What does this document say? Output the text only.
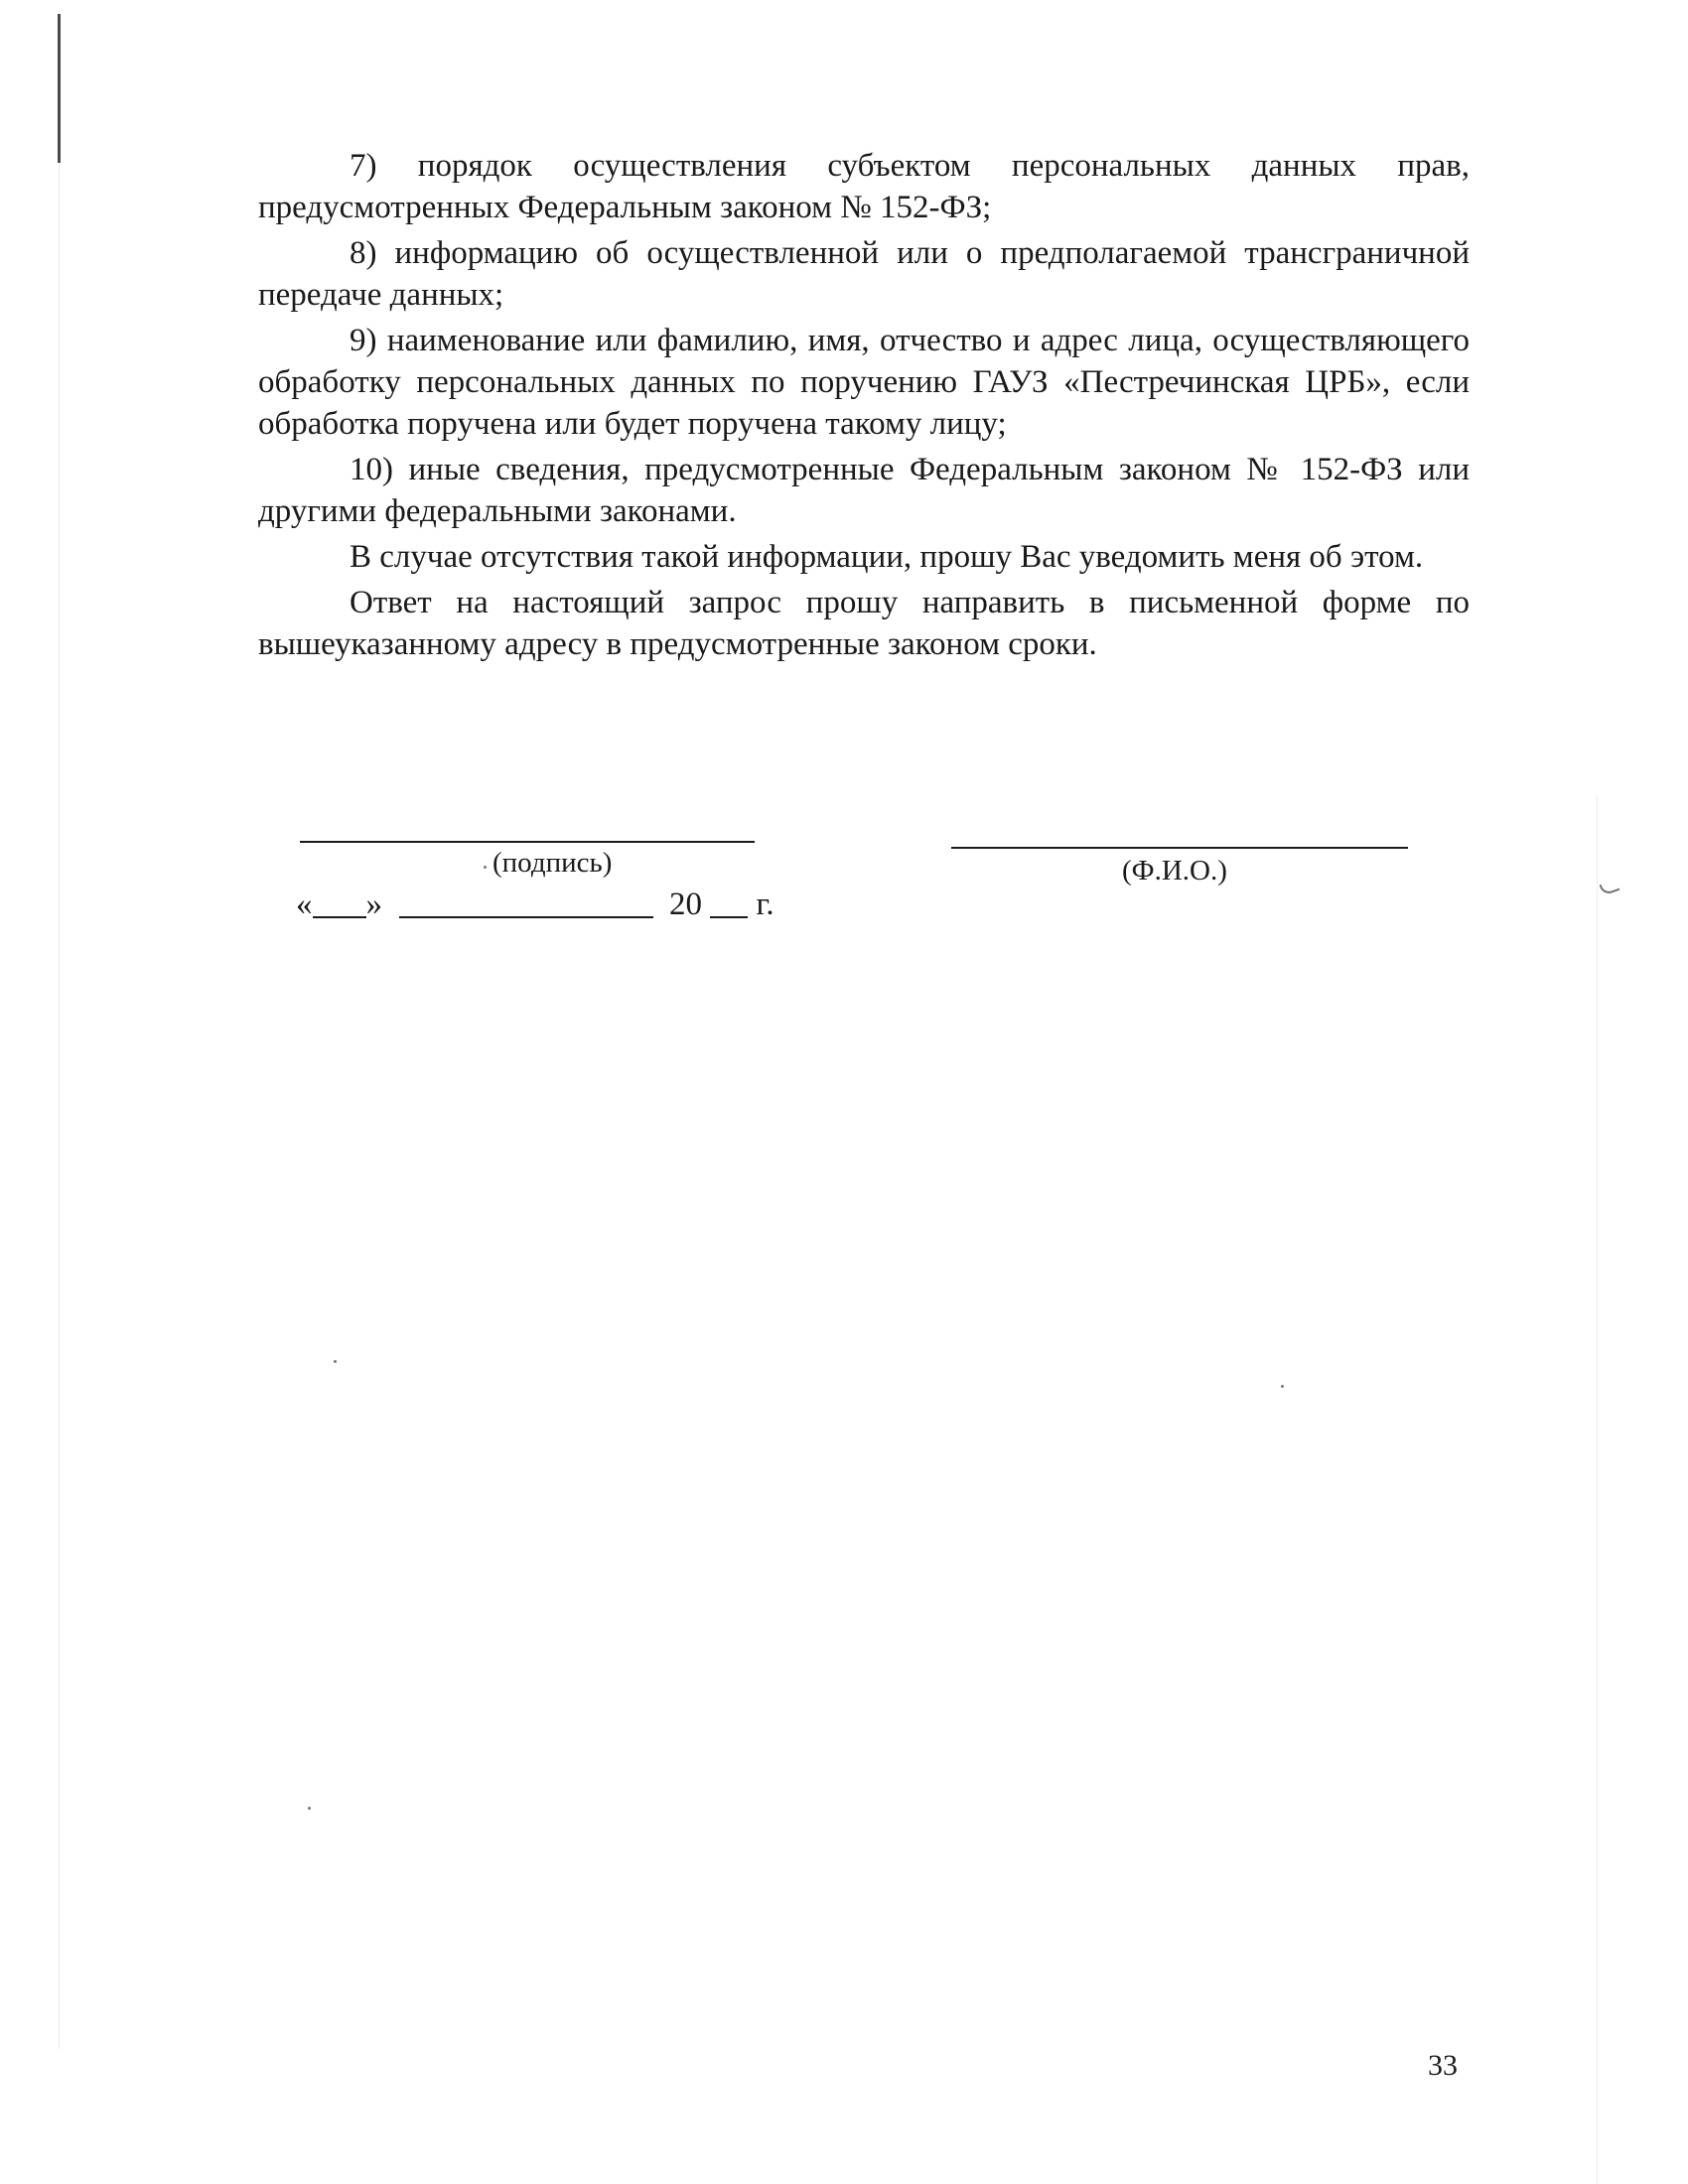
7) порядок осуществления субъектом персональных данных прав, предусмотренных Федеральным законом № 152-ФЗ;

8) информацию об осуществленной или о предполагаемой трансграничной передаче данных;

9) наименование или фамилию, имя, отчество и адрес лица, осуществляющего обработку персональных данных по поручению ГАУЗ «Пестречинская ЦРБ», если обработка поручена или будет поручена такому лицу;

10) иные сведения, предусмотренные Федеральным законом № 152-ФЗ или другими федеральными законами.

В случае отсутствия такой информации, прошу Вас уведомить меня об этом.

Ответ на настоящий запрос прошу направить в письменной форме по вышеуказанному адресу в предусмотренные законом сроки.

(подпись)	(Ф.И.О.)
« »	20 г.
33
